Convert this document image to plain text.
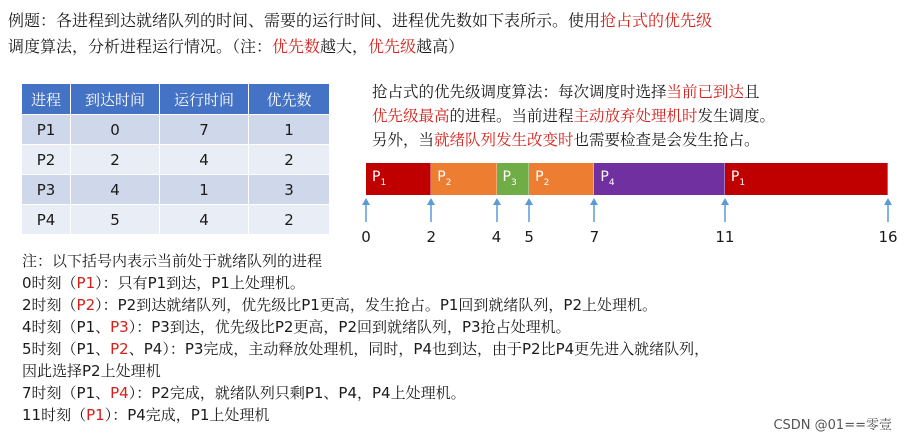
例题：各进程到达就绪队列的时间、需要的运行时间、进程优先数如下表所示。使用抢占式的优先级
调度算法，分析进程运行情况。（注：优先数越大，优先级越高）
进程	到达时间	运行时间	优先数
P1	0	7	1
P2	2	4	2
P3	4	1	3
P4	5	4	2
抢占式的优先级调度算法：每次调度时选择当前已到达且
优先级最高的进程。当前进程主动放弃处理机时发生调度。
另外，当就绪队列发生改变时也需要检查是会发生抢占。
$P_1$	$P_2$	$P_3$ $P_2$	$P_4$	$P_1$
0	2	4	5	7	11	16
注：以下括号内表示当前处于就绪队列的进程
0时刻（P1）：只有P1到达，P1上处理机。
2时刻（P2）：P2到达就绪队列，优先级比P1更高，发生抢占。P1回到就绪队列，P2上处理机。
4时刻（P1、P3）：P3到达，优先级比P2更高，P2回到就绪队列，P3抢占处理机。
5时刻（P1、P2、P4）：P3完成，主动释放处理机，同时，P4也到达，由于P2比P4更先进入就绪队列，
因此选择P2上处理机
7时刻（P1、P4）：P2完成，就绪队列只剩P1、P4，P4上处理机。
11时刻（P1）：P4完成，P1上处理机
CSDN @01==零壹
